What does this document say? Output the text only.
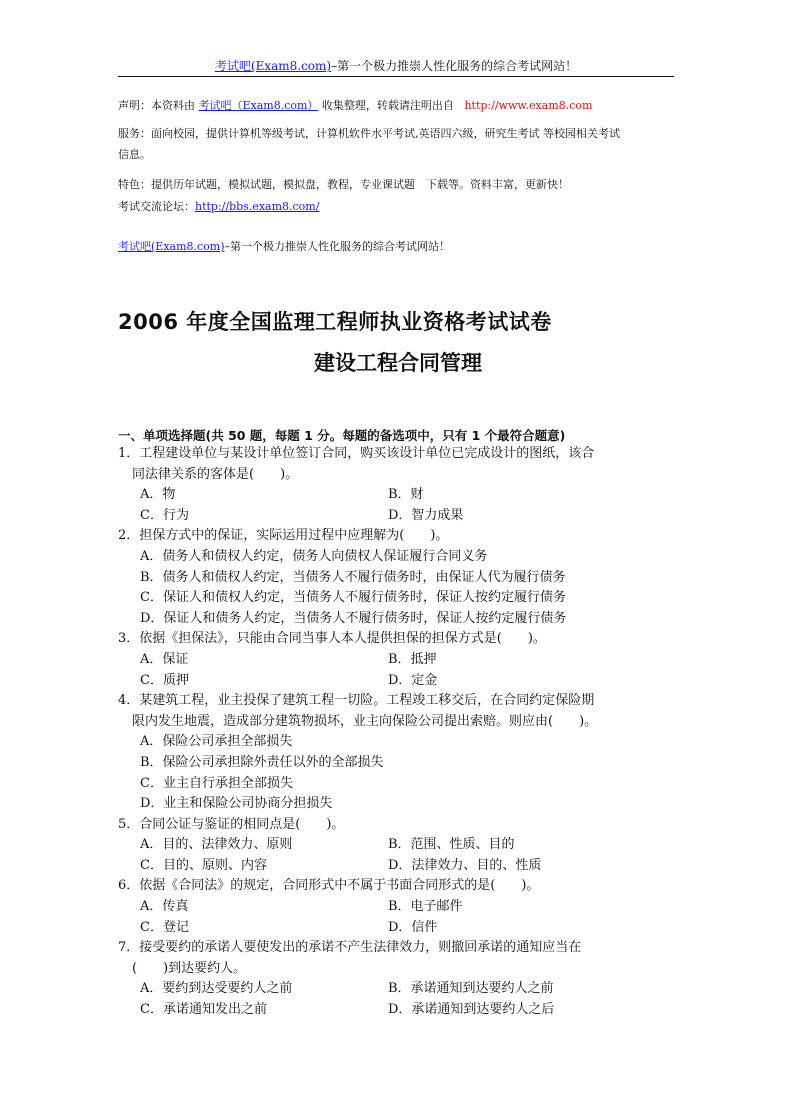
考试吧(Exam8.com)–第一个极力推崇人性化服务的综合考试网站！
声明：本资料由 考试吧（Exam8.com） 收集整理，转载请注明出自   http://www.exam8.com
服务：面向校园，提供计算机等级考试，计算机软件水平考试,英语四六级，研究生考试 等校园相关考试
信息。
特色：提供历年试题，模拟试题，模拟盘，教程，专业课试题　下载等。资料丰富，更新快！
考试交流论坛：http://bbs.exam8.com/
考试吧(Exam8.com)–第一个极力推崇人性化服务的综合考试网站！
2006 年度全国监理工程师执业资格考试试卷
建设工程合同管理
一、单项选择题(共 50 题，每题 1 分。每题的备选项中，只有 1 个最符合题意)
1．工程建设单位与某设计单位签订合同，购买该设计单位已完成设计的图纸，该合
同法律关系的客体是(　　)。
A．物	B．财
C．行为	D．智力成果
2．担保方式中的保证，实际运用过程中应理解为(　　)。
A．债务人和债权人约定，债务人向债权人保证履行合同义务
B．债务人和债权人约定，当债务人不履行债务时，由保证人代为履行债务
C．保证人和债权人约定，当债务人不履行债务时，保证人按约定履行债务
D．保证人和债务人约定，当债务人不履行债务时，保证人按约定履行债务
3．依据《担保法》，只能由合同当事人本人提供担保的担保方式是(　　)。
A．保证	B．抵押
C．质押	D．定金
4．某建筑工程，业主投保了建筑工程一切险。工程竣工移交后，在合同约定保险期
限内发生地震，造成部分建筑物损坏，业主向保险公司提出索赔。则应由(　　)。
A．保险公司承担全部损失
B．保险公司承担除外责任以外的全部损失
C．业主自行承担全部损失
D．业主和保险公司协商分担损失
5．合同公证与鉴证的相同点是(　　)。
A．目的、法律效力、原则	B．范围、性质、目的
C．目的、原则、内容	D．法律效力、目的、性质
6．依据《合同法》的规定，合同形式中不属于书面合同形式的是(　　)。
A．传真	B．电子邮件
C．登记	D．信件
7．接受要约的承诺人要使发出的承诺不产生法律效力，则撤回承诺的通知应当在
(　　)到达要约人。
A．要约到达受要约人之前	B．承诺通知到达要约人之前
C．承诺通知发出之前	D．承诺通知到达要约人之后
